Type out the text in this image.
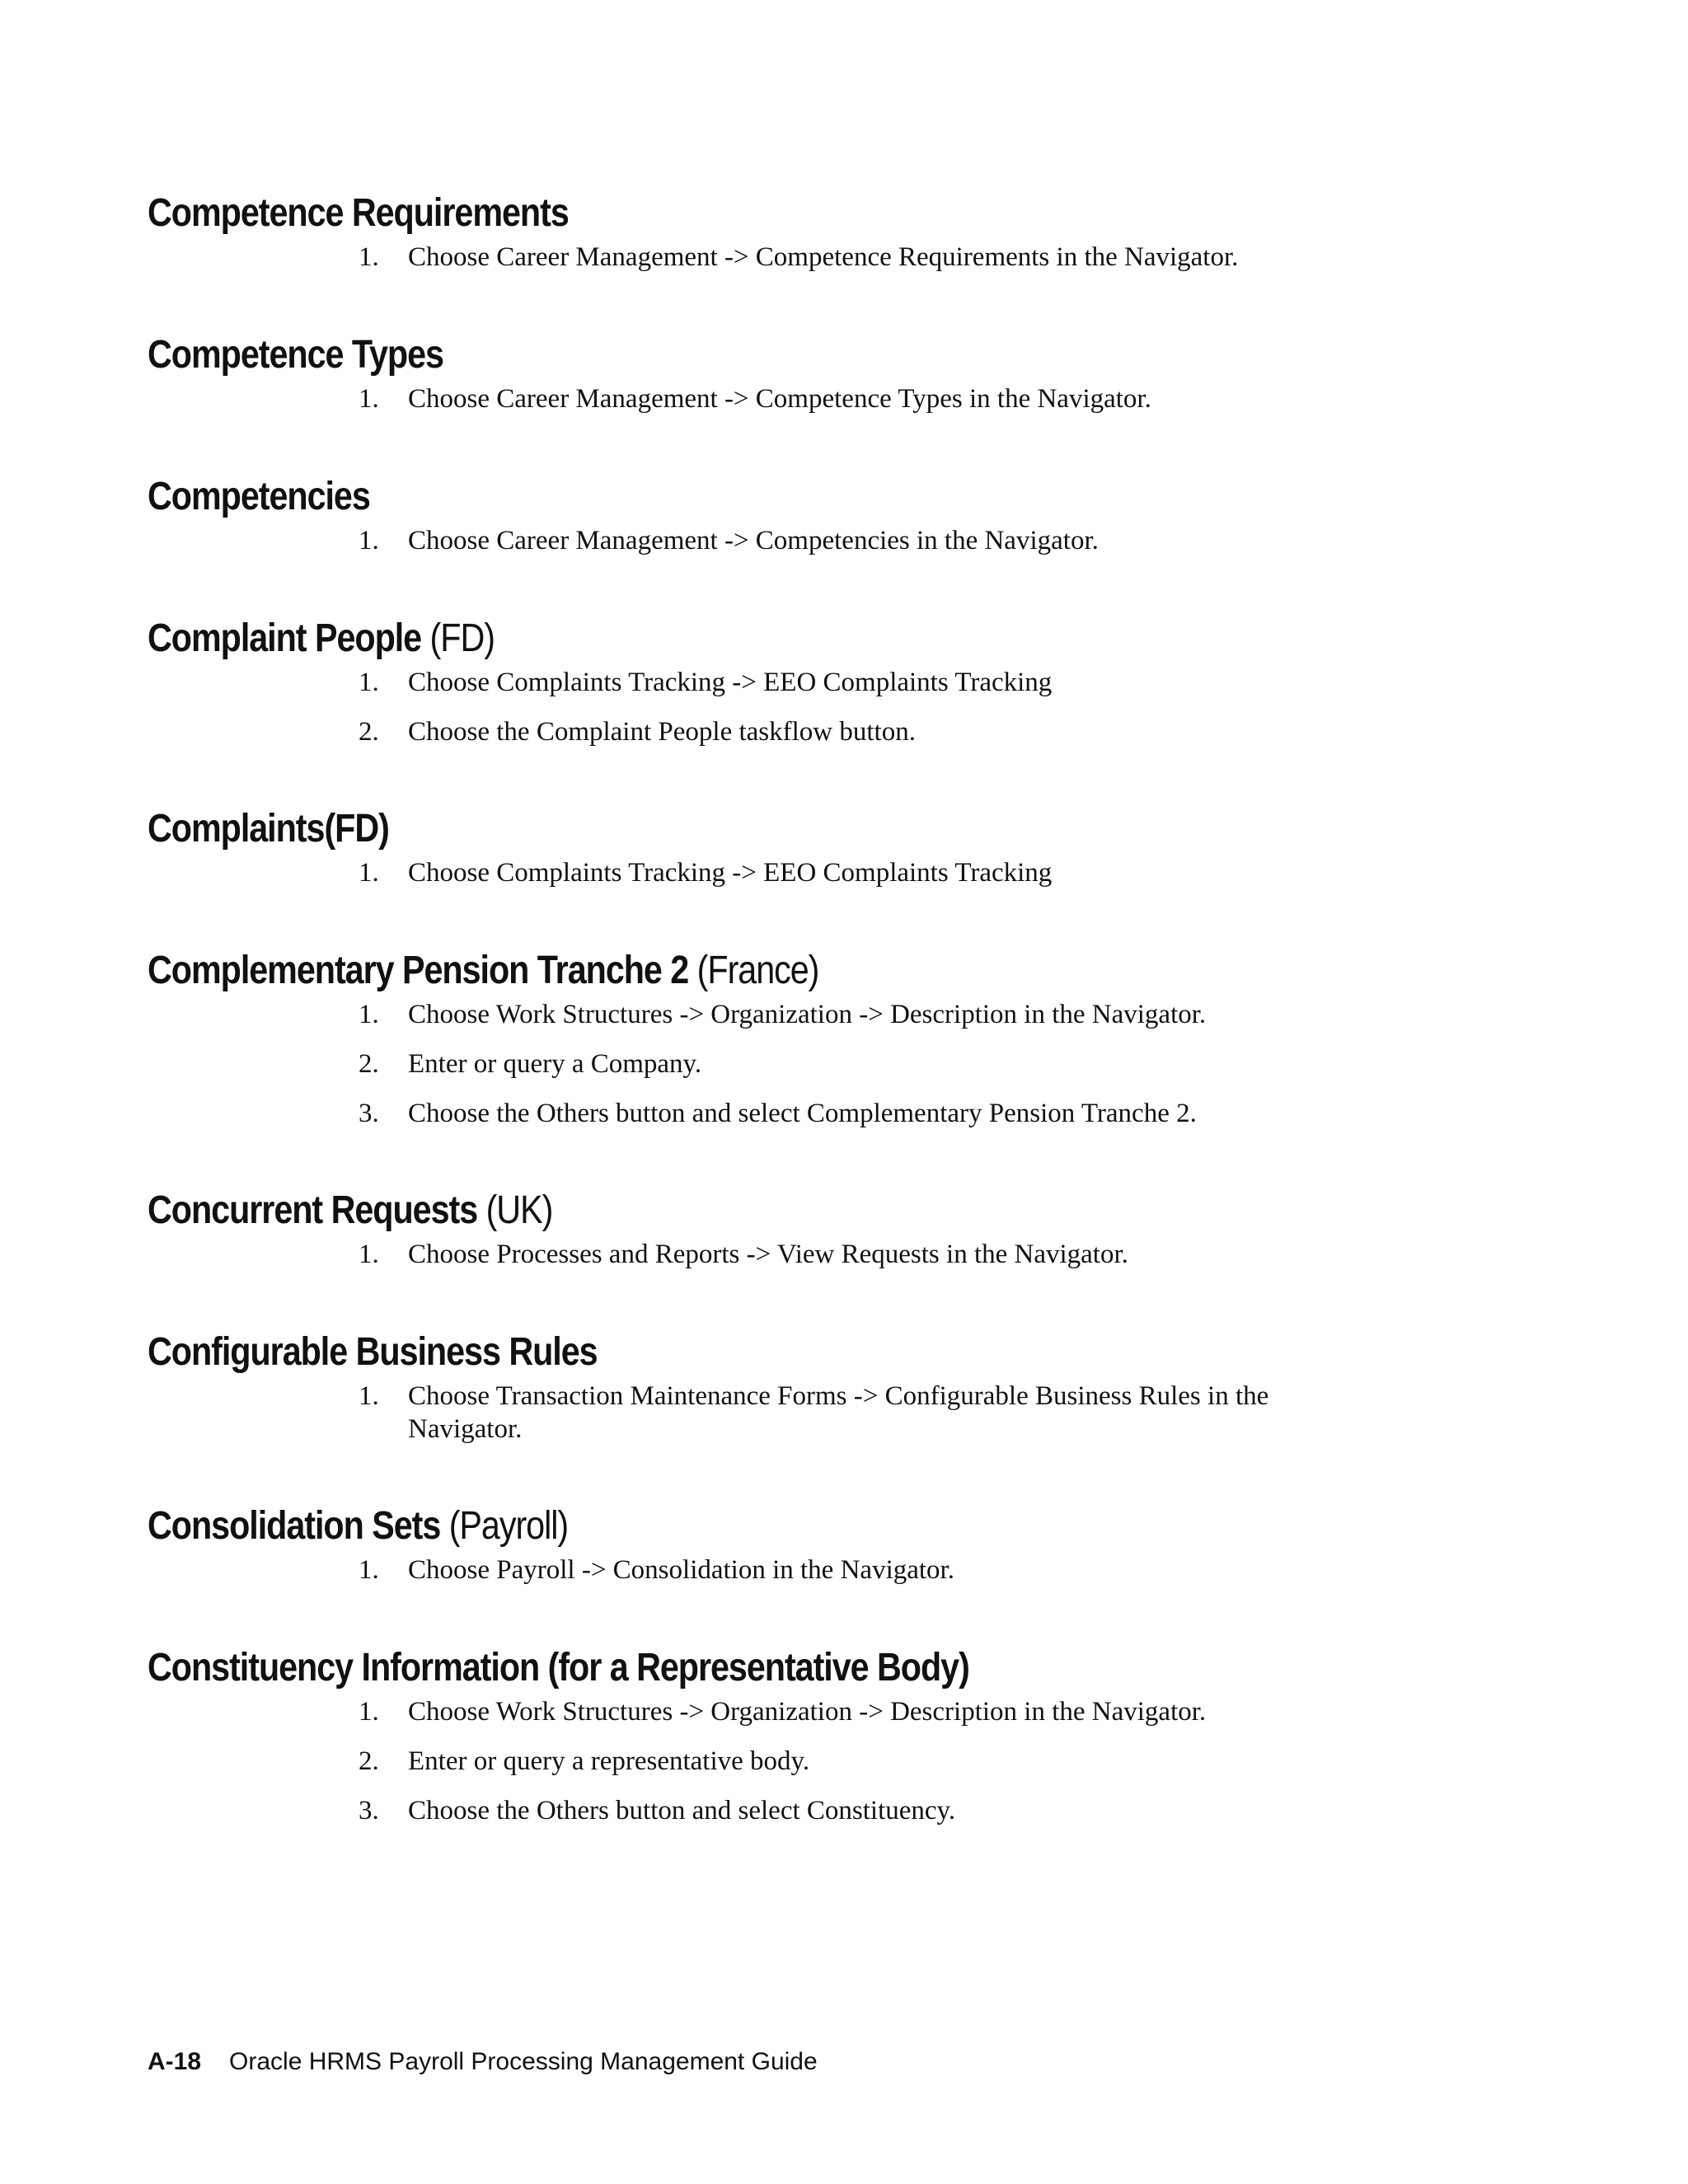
Competence Requirements
1. Choose Career Management -> Competence Requirements in the Navigator.
Competence Types
1. Choose Career Management -> Competence Types in the Navigator.
Competencies
1. Choose Career Management -> Competencies in the Navigator.
Complaint People (FD)
1. Choose Complaints Tracking -> EEO Complaints Tracking
2. Choose the Complaint People taskflow button.
Complaints(FD)
1. Choose Complaints Tracking -> EEO Complaints Tracking
Complementary Pension Tranche 2 (France)
1. Choose Work Structures -> Organization -> Description in the Navigator.
2. Enter or query a Company.
3. Choose the Others button and select Complementary Pension Tranche 2.
Concurrent Requests (UK)
1. Choose Processes and Reports -> View Requests in the Navigator.
Configurable Business Rules
1. Choose Transaction Maintenance Forms -> Configurable Business Rules in the Navigator.
Consolidation Sets (Payroll)
1. Choose Payroll -> Consolidation in the Navigator.
Constituency Information (for a Representative Body)
1. Choose Work Structures -> Organization -> Description in the Navigator.
2. Enter or query a representative body.
3. Choose the Others button and select Constituency.
A-18 Oracle HRMS Payroll Processing Management Guide
